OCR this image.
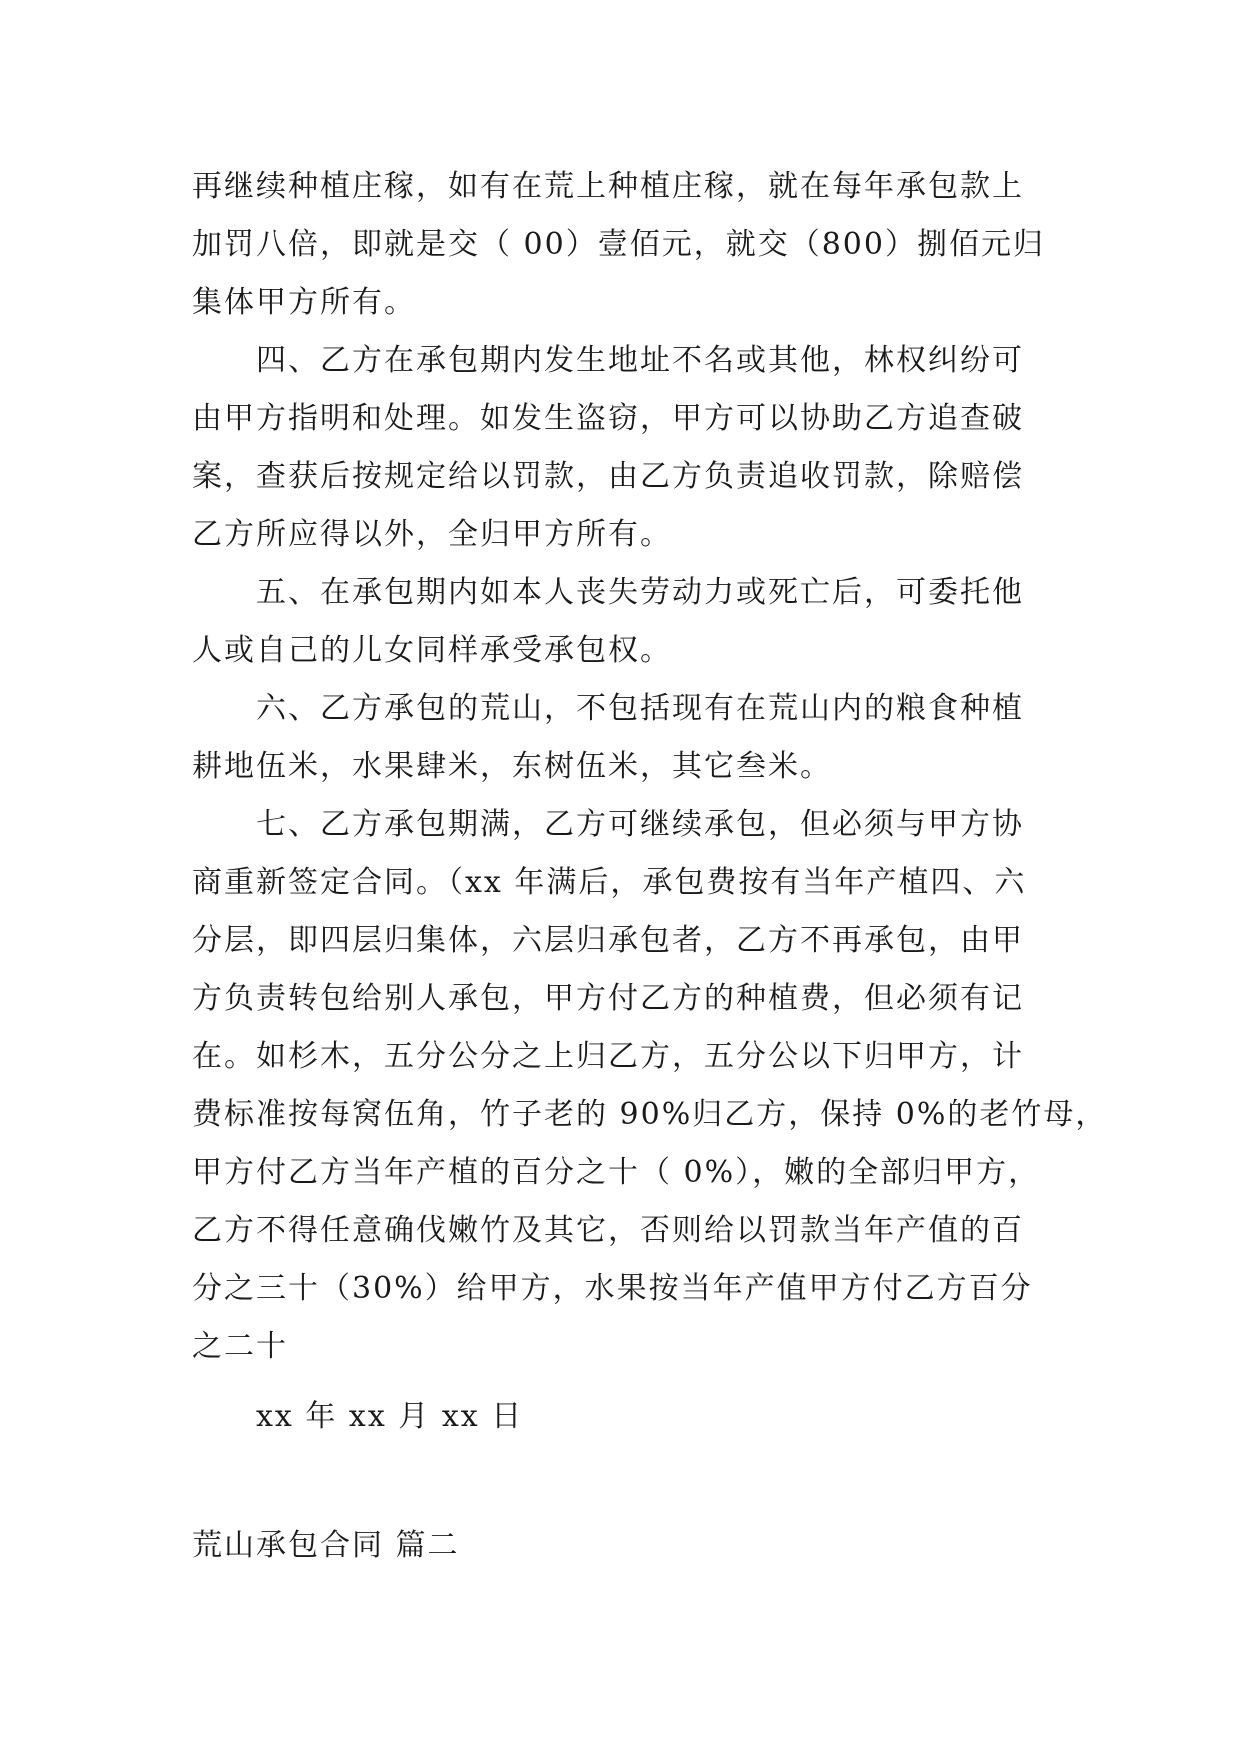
再继续种植庄稼，如有在荒上种植庄稼，就在每年承包款上
加罚八倍，即就是交（ 00）壹佰元，就交（800）捌佰元归
集体甲方所有。
四、乙方在承包期内发生地址不名或其他，林权纠纷可
由甲方指明和处理。如发生盗窃，甲方可以协助乙方追查破
案，查获后按规定给以罚款，由乙方负责追收罚款，除赔偿
乙方所应得以外，全归甲方所有。
五、在承包期内如本人丧失劳动力或死亡后，可委托他
人或自己的儿女同样承受承包权。
六、乙方承包的荒山，不包括现有在荒山内的粮食种植
耕地伍米，水果肆米，东树伍米，其它叁米。
七、乙方承包期满，乙方可继续承包，但必须与甲方协
商重新签定合同。（xx 年满后，承包费按有当年产植四、六
分层，即四层归集体，六层归承包者，乙方不再承包，由甲
方负责转包给别人承包，甲方付乙方的种植费，但必须有记
在。如杉木，五分公分之上归乙方，五分公以下归甲方，计
费标准按每窝伍角，竹子老的 90%归乙方，保持 0%的老竹母，
甲方付乙方当年产植的百分之十（ 0%），嫩的全部归甲方，
乙方不得任意确伐嫩竹及其它，否则给以罚款当年产值的百
分之三十（30%）给甲方，水果按当年产值甲方付乙方百分
之二十
xx 年 xx 月 xx 日
荒山承包合同 篇二
